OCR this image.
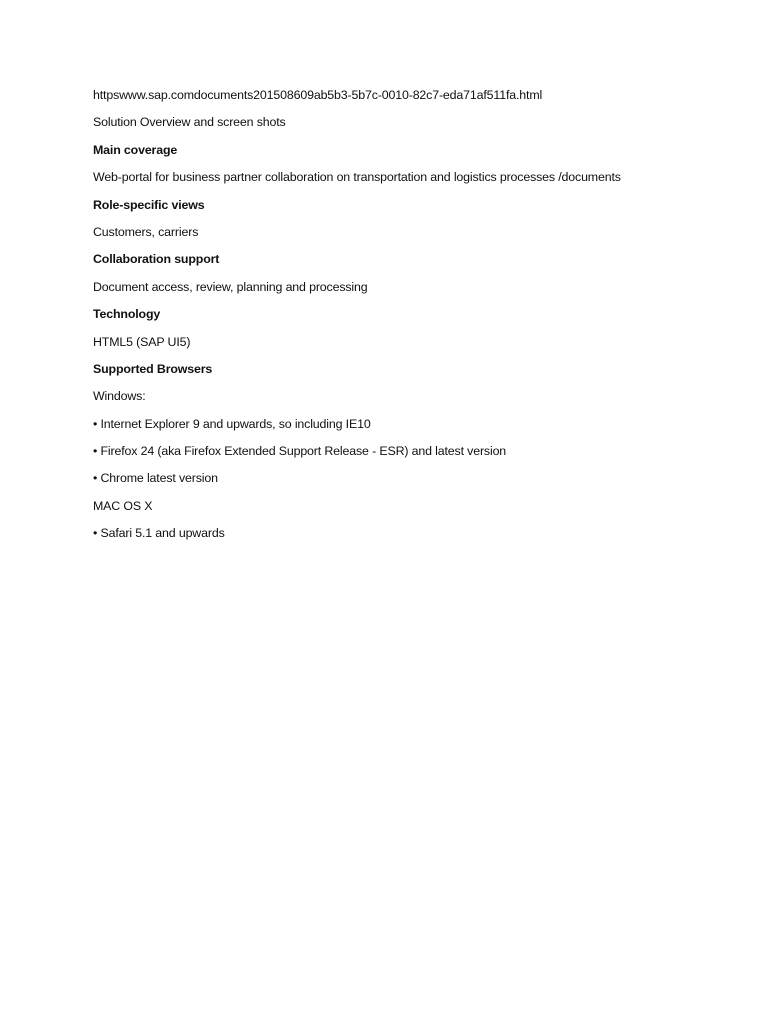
httpswww.sap.comdocuments201508609ab5b3-5b7c-0010-82c7-eda71af511fa.html
Solution Overview and screen shots
Main coverage
Web-portal for business partner collaboration on transportation and logistics processes /documents
Role-specific views
Customers, carriers
Collaboration support
Document access, review, planning and processing
Technology
HTML5 (SAP UI5)
Supported Browsers
Windows:
• Internet Explorer 9 and upwards, so including IE10
• Firefox 24 (aka Firefox Extended Support Release - ESR) and latest version
• Chrome latest version
MAC OS X
• Safari 5.1 and upwards
